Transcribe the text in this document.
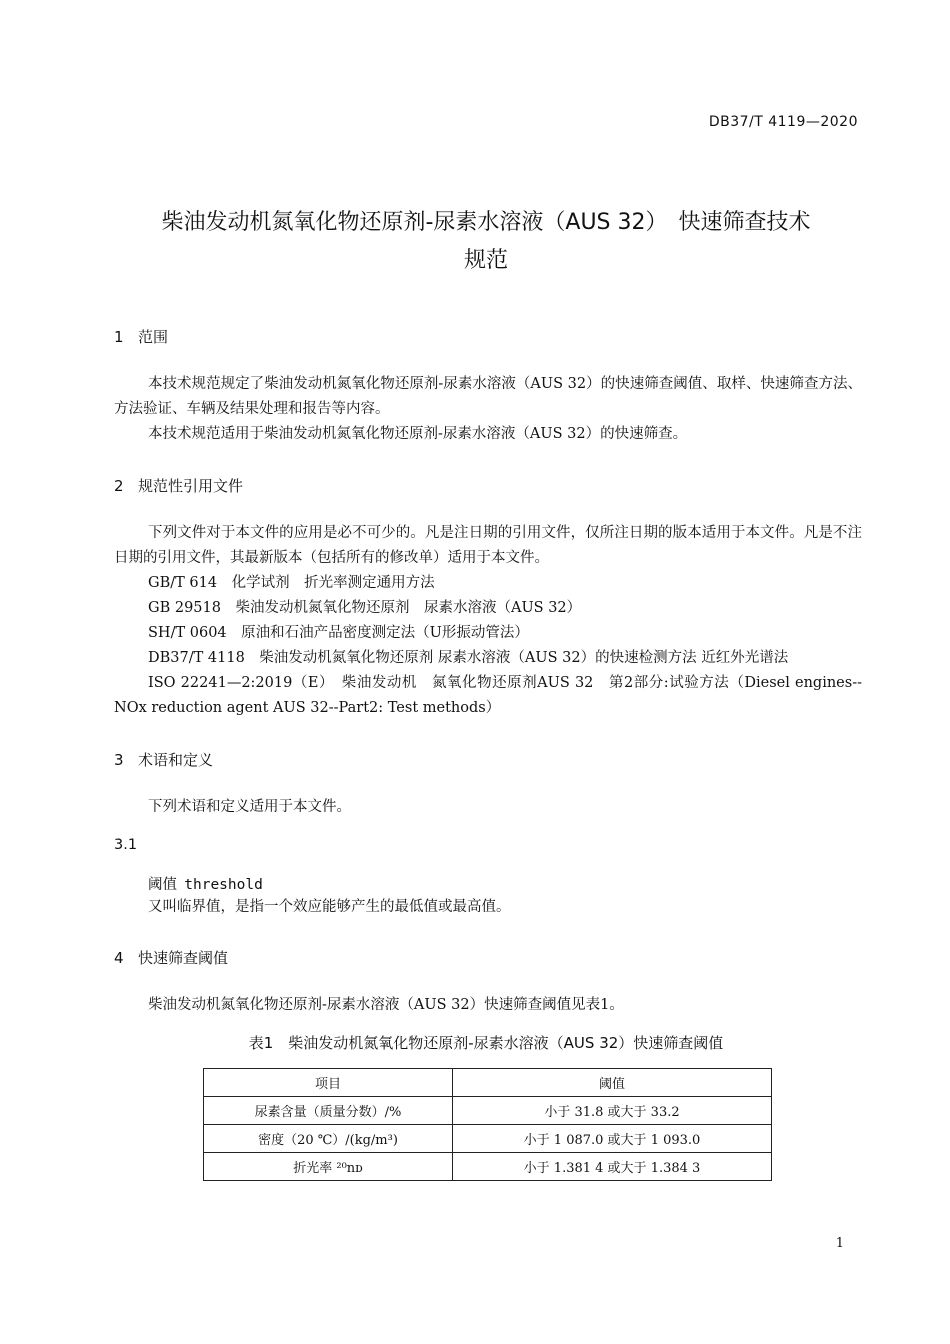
DB37/T 4119—2020
柴油发动机氮氧化物还原剂-尿素水溶液（AUS 32）　快速筛查技术
规范
1 范围

本技术规范规定了柴油发动机氮氧化物还原剂-尿素水溶液（AUS 32）的快速筛查阈值、取样、快速筛查方法、方法验证、车辆及结果处理和报告等内容。

本技术规范适用于柴油发动机氮氧化物还原剂-尿素水溶液（AUS 32）的快速筛查。

2 规范性引用文件

下列文件对于本文件的应用是必不可少的。凡是注日期的引用文件，仅所注日期的版本适用于本文件。凡是不注日期的引用文件，其最新版本（包括所有的修改单）适用于本文件。

GB/T 614　化学试剂　折光率测定通用方法
GB 29518　柴油发动机氮氧化物还原剂　尿素水溶液（AUS 32）
SH/T 0604　原油和石油产品密度测定法（U形振动管法）
DB37/T 4118　柴油发动机氮氧化物还原剂 尿素水溶液（AUS 32）的快速检测方法 近红外光谱法
ISO 22241—2:2019（E）　柴油发动机　氮氧化物还原剂AUS 32　第2部分:试验方法（Diesel engines--NOx reduction agent AUS 32--Part2: Test methods）
3 术语和定义

下列术语和定义适用于本文件。

3.1
阈值 threshold
又叫临界值，是指一个效应能够产生的最低值或最高值。
4 快速筛查阈值

柴油发动机氮氧化物还原剂-尿素水溶液（AUS 32）快速筛查阈值见表1。

表1　柴油发动机氮氧化物还原剂-尿素水溶液（AUS 32）快速筛查阈值
项目	阈值
尿素含量（质量分数）/%	小于 31.8 或大于 33.2
密度（20 ℃）/(kg/m³)	小于 1 087.0 或大于 1 093.0
折光率 ²⁰nᴅ	小于 1.381 4 或大于 1.384 3
1
